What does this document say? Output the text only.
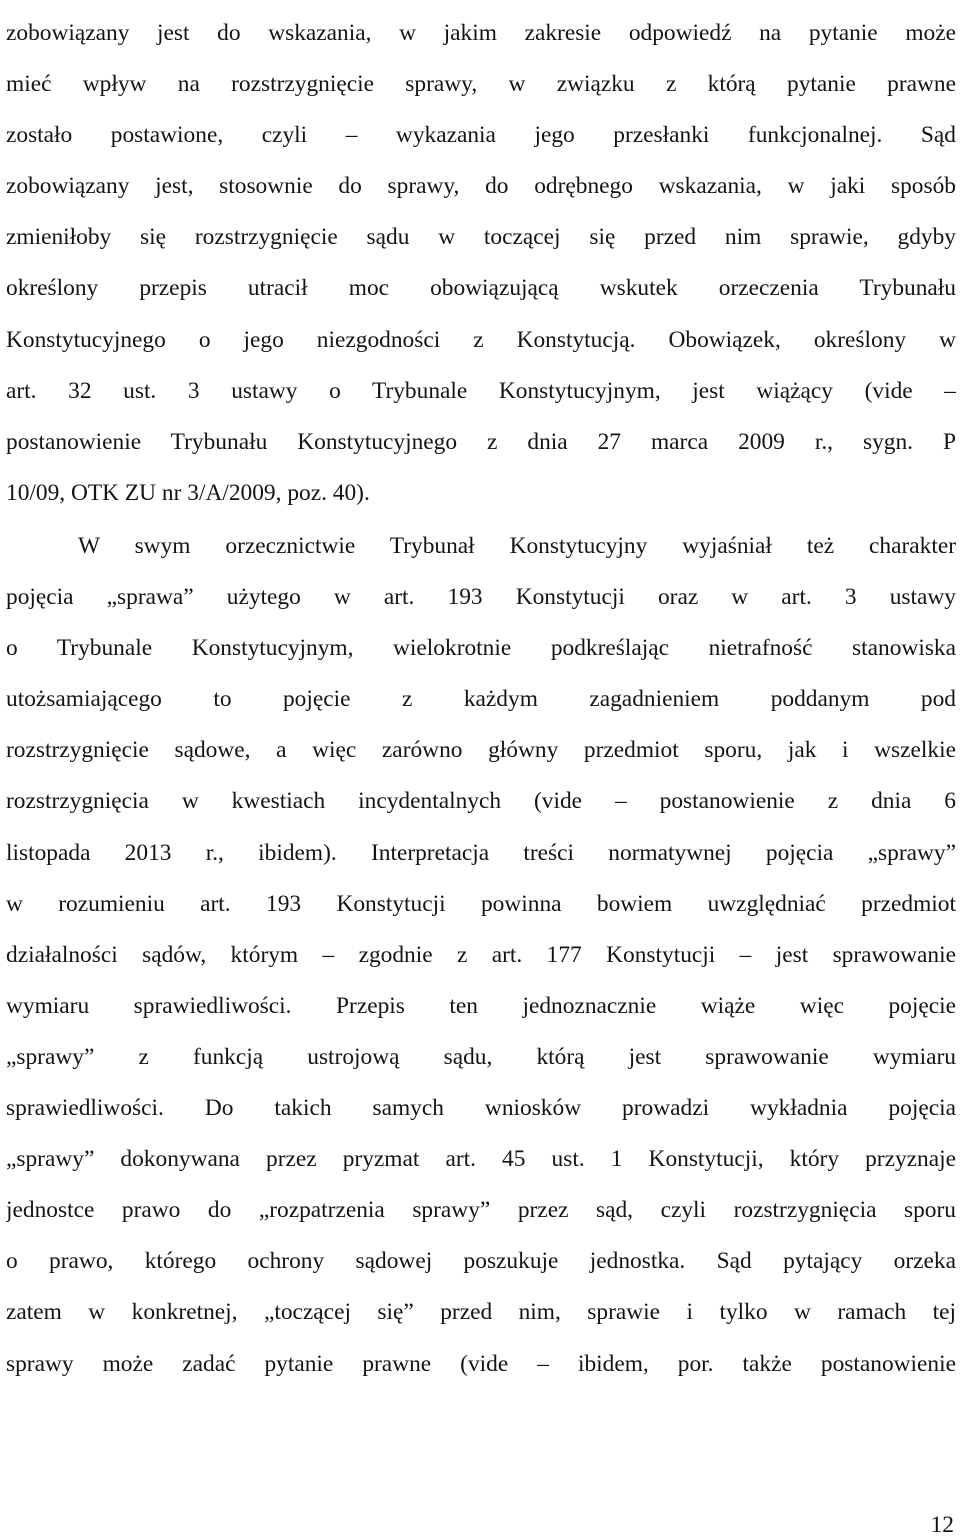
zobowiązany jest do wskazania, w jakim zakresie odpowiedź na pytanie może
mieć wpływ na rozstrzygnięcie sprawy, w związku z którą pytanie prawne
zostało postawione, czyli – wykazania jego przesłanki funkcjonalnej. Sąd
zobowiązany jest, stosownie do sprawy, do odrębnego wskazania, w jaki sposób
zmieniłoby się rozstrzygnięcie sądu w toczącej się przed nim sprawie, gdyby
określony przepis utracił moc obowiązującą wskutek orzeczenia Trybunału
Konstytucyjnego o jego niezgodności z Konstytucją. Obowiązek, określony w
art. 32 ust. 3 ustawy o Trybunale Konstytucyjnym, jest wiążący (vide –
postanowienie Trybunału Konstytucyjnego z dnia 27 marca 2009 r., sygn. P
10/09, OTK ZU nr 3/A/2009, poz. 40).
W swym orzecznictwie Trybunał Konstytucyjny wyjaśniał też charakter
pojęcia „sprawa” użytego w art. 193 Konstytucji oraz w art. 3 ustawy
o Trybunale Konstytucyjnym, wielokrotnie podkreślając nietrafność stanowiska
utożsamiającego to pojęcie z każdym zagadnieniem poddanym pod
rozstrzygnięcie sądowe, a więc zarówno główny przedmiot sporu, jak i wszelkie
rozstrzygnięcia w kwestiach incydentalnych (vide – postanowienie z dnia 6
listopada 2013 r., ibidem). Interpretacja treści normatywnej pojęcia „sprawy”
w rozumieniu art. 193 Konstytucji powinna bowiem uwzględniać przedmiot
działalności sądów, którym – zgodnie z art. 177 Konstytucji – jest sprawowanie
wymiaru sprawiedliwości. Przepis ten jednoznacznie wiąże więc pojęcie
„sprawy” z funkcją ustrojową sądu, którą jest sprawowanie wymiaru
sprawiedliwości. Do takich samych wniosków prowadzi wykładnia pojęcia
„sprawy” dokonywana przez pryzmat art. 45 ust. 1 Konstytucji, który przyznaje
jednostce prawo do „rozpatrzenia sprawy” przez sąd, czyli rozstrzygnięcia sporu
o prawo, którego ochrony sądowej poszukuje jednostka. Sąd pytający orzeka
zatem w konkretnej, „toczącej się” przed nim, sprawie i tylko w ramach tej
sprawy może zadać pytanie prawne (vide – ibidem, por. także postanowienie
12
